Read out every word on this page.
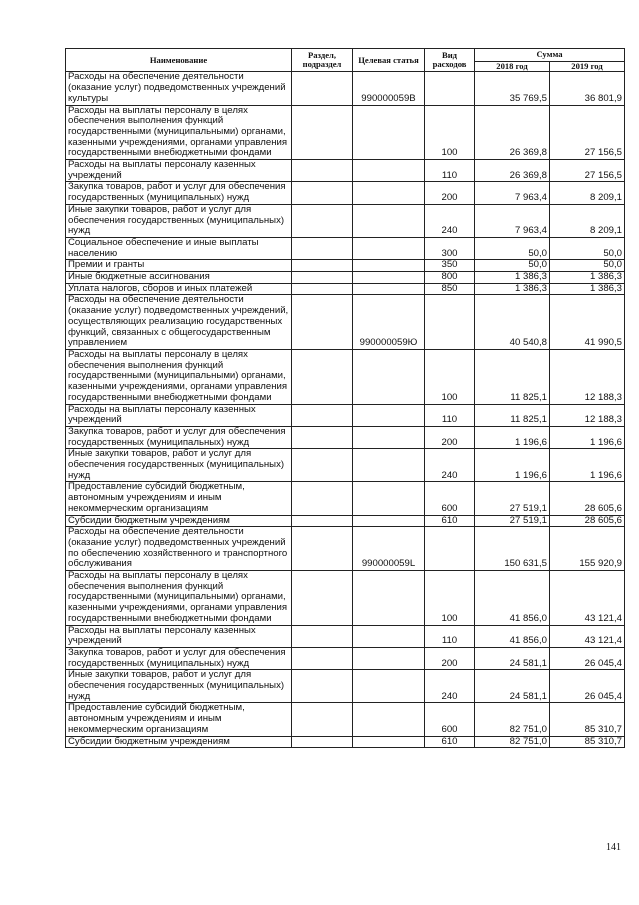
Наименование	Раздел, подраздел	Целевая статья	Вид расходов	Сумма	
				2018 год	2019 год
Расходы на обеспечение деятельности (оказание услуг) подведомственных учреждений культуры		990000059В		35 769,5	36 801,9
Расходы на выплаты персоналу в целях обеспечения выполнения функций государственными (муниципальными) органами, казенными учреждениями, органами управления государственными внебюджетными фондами			100	26 369,8	27 156,5
Расходы на выплаты персоналу казенных учреждений			110	26 369,8	27 156,5
Закупка товаров, работ и услуг для обеспечения государственных (муниципальных) нужд			200	7 963,4	8 209,1
Иные закупки товаров, работ и услуг для обеспечения государственных (муниципальных) нужд			240	7 963,4	8 209,1
Социальное обеспечение и иные выплаты населению			300	50,0	50,0
Премии и гранты			350	50,0	50,0
Иные бюджетные ассигнования			800	1 386,3	1 386,3
Уплата налогов, сборов и иных платежей			850	1 386,3	1 386,3
Расходы на обеспечение деятельности (оказание услуг) подведомственных учреждений, осуществляющих реализацию государственных функций, связанных с общегосударственным управлением		990000059Ю		40 540,8	41 990,5
Расходы на выплаты персоналу в целях обеспечения выполнения функций государственными (муниципальными) органами, казенными учреждениями, органами управления государственными внебюджетными фондами			100	11 825,1	12 188,3
Расходы на выплаты персоналу казенных учреждений			110	11 825,1	12 188,3
Закупка товаров, работ и услуг для обеспечения государственных (муниципальных) нужд			200	1 196,6	1 196,6
Иные закупки товаров, работ и услуг для обеспечения государственных (муниципальных) нужд			240	1 196,6	1 196,6
Предоставление субсидий бюджетным, автономным учреждениям и иным некоммерческим организациям			600	27 519,1	28 605,6
Субсидии бюджетным учреждениям			610	27 519,1	28 605,6
Расходы на обеспечение деятельности (оказание услуг) подведомственных учреждений по обеспечению хозяйственного и транспортного обслуживания		990000059L		150 631,5	155 920,9
Расходы на выплаты персоналу в целях обеспечения выполнения функций государственными (муниципальными) органами, казенными учреждениями, органами управления государственными внебюджетными фондами			100	41 856,0	43 121,4
Расходы на выплаты персоналу казенных учреждений			110	41 856,0	43 121,4
Закупка товаров, работ и услуг для обеспечения государственных (муниципальных) нужд			200	24 581,1	26 045,4
Иные закупки товаров, работ и услуг для обеспечения государственных (муниципальных) нужд			240	24 581,1	26 045,4
Предоставление субсидий бюджетным, автономным учреждениям и иным некоммерческим организациям			600	82 751,0	85 310,7
Субсидии бюджетным учреждениям			610	82 751,0	85 310,7
141
